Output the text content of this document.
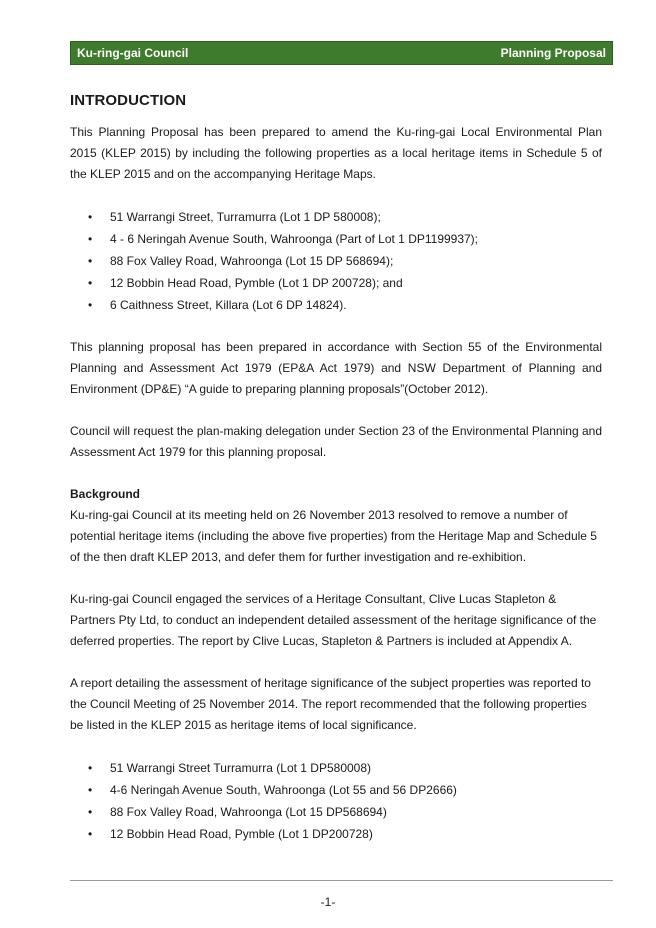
Ku-ring-gai Council	Planning Proposal
INTRODUCTION

This Planning Proposal has been prepared to amend the Ku-ring-gai Local Environmental Plan 2015 (KLEP 2015) by including the following properties as a local heritage items in Schedule 5 of the KLEP 2015 and on the accompanying Heritage Maps.

• 51 Warrangi Street, Turramurra (Lot 1 DP 580008);
• 4 - 6 Neringah Avenue South, Wahroonga (Part of Lot 1 DP1199937);
• 88 Fox Valley Road, Wahroonga (Lot 15 DP 568694);
• 12 Bobbin Head Road, Pymble (Lot 1 DP 200728); and
• 6 Caithness Street, Killara (Lot 6 DP 14824).

This planning proposal has been prepared in accordance with Section 55 of the Environmental Planning and Assessment Act 1979 (EP&A Act 1979) and NSW Department of Planning and Environment (DP&E) “A guide to preparing planning proposals”(October 2012).

Council will request the plan-making delegation under Section 23 of the Environmental Planning and Assessment Act 1979 for this planning proposal.

Background

Ku-ring-gai Council at its meeting held on 26 November 2013 resolved to remove a number of potential heritage items (including the above five properties) from the Heritage Map and Schedule 5 of the then draft KLEP 2013, and defer them for further investigation and re-exhibition.

Ku-ring-gai Council engaged the services of a Heritage Consultant, Clive Lucas Stapleton & Partners Pty Ltd, to conduct an independent detailed assessment of the heritage significance of the deferred properties. The report by Clive Lucas, Stapleton & Partners is included at Appendix A.

A report detailing the assessment of heritage significance of the subject properties was reported to the Council Meeting of 25 November 2014. The report recommended that the following properties be listed in the KLEP 2015 as heritage items of local significance.

• 51 Warrangi Street Turramurra (Lot 1 DP580008)
• 4-6 Neringah Avenue South, Wahroonga (Lot 55 and 56 DP2666)
• 88 Fox Valley Road, Wahroonga (Lot 15 DP568694)
• 12 Bobbin Head Road, Pymble (Lot 1 DP200728)
-1-
